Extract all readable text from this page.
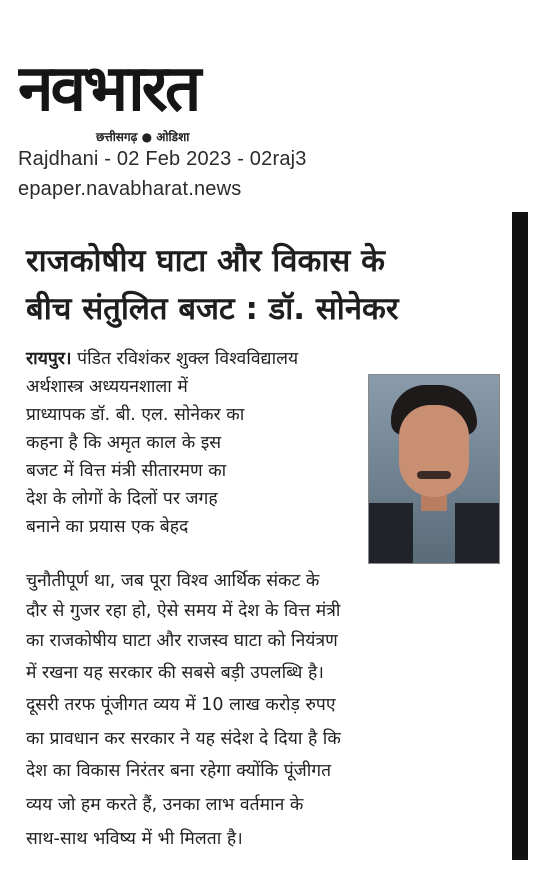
नवभारत
छत्तीसगढ़ ● ओडिशा
Rajdhani - 02 Feb 2023 - 02raj3
epaper.navabharat.news
राजकोषीय घाटा और विकास के
बीच संतुलित बजट : डॉ. सोनेकर
रायपुर। पंडित रविशंकर शुक्ल विश्वविद्यालय
अर्थशास्त्र अध्ययनशाला में
प्राध्यापक डॉ. बी. एल. सोनेकर का
कहना है कि अमृत काल के इस
बजट में वित्त मंत्री सीतारमण का
देश के लोगों के दिलों पर जगह
बनाने का प्रयास एक बेहद
चुनौतीपूर्ण था, जब पूरा विश्व आर्थिक संकट के
दौर से गुजर रहा हो, ऐसे समय में देश के वित्त मंत्री
का राजकोषीय घाटा और राजस्व घाटा को नियंत्रण
में रखना यह सरकार की सबसे बड़ी उपलब्धि है।
दूसरी तरफ पूंजीगत व्यय में 10 लाख करोड़ रुपए
का प्रावधान कर सरकार ने यह संदेश दे दिया है कि
देश का विकास निरंतर बना रहेगा क्योंकि पूंजीगत
व्यय जो हम करते हैं, उनका लाभ वर्तमान के
साथ-साथ भविष्य में भी मिलता है।
